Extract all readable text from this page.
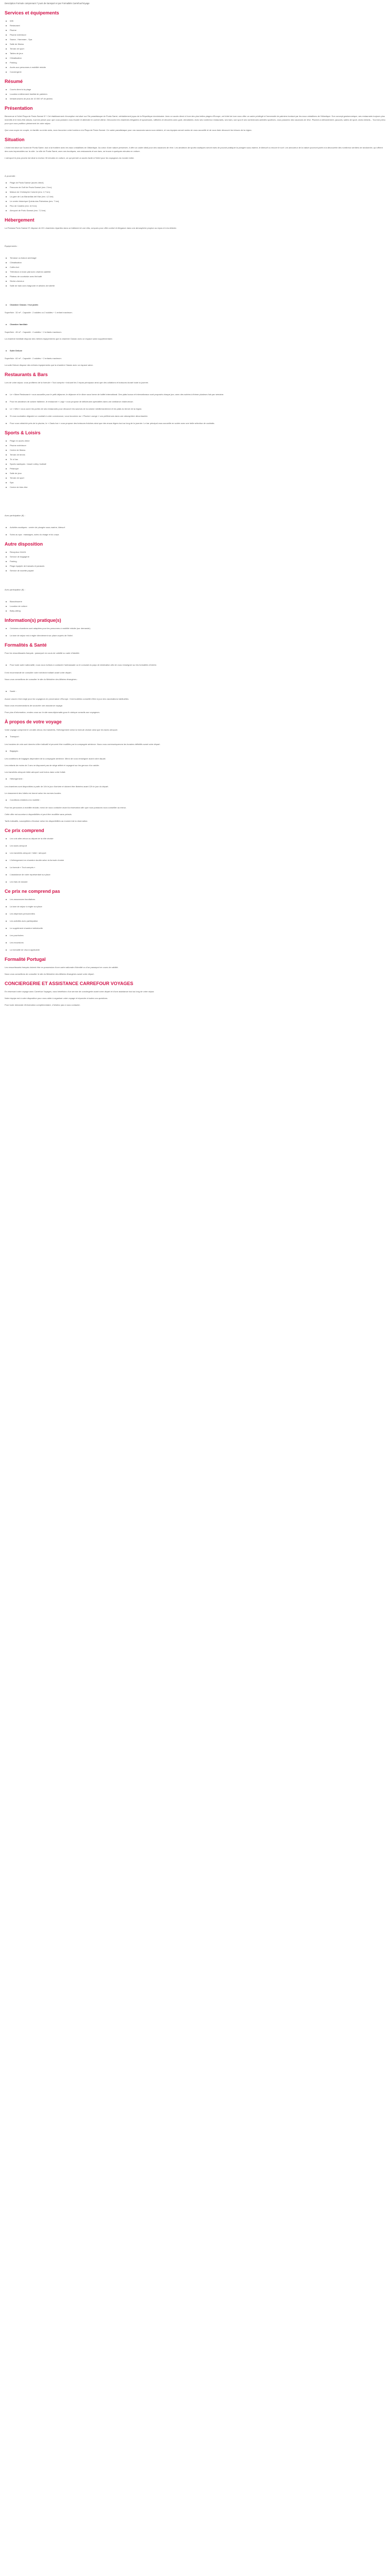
Description Formule comprenant 7 jours de transport et par Formalités Carrefour/Voyage
Services et équipements
Wifi
Restaurant
Piscine
Piscine extérieure
Sauna - Hammam - Spa
Salle de fitness
Terrain de sport
Tables de jeux
Climatisation
Parking
Accès aux personnes à mobilité réduite
Conciergerie
Résumé
Courts direct à la plage
Location entièrement familial de palmiers
Infrastructures de plus de 10 000 m² de jardins
Présentation

Bienvenue à l'hôtel Playa de Pavia Samsé 5* ! Cet établissement d'exception est situé sur l'île paradisiaque de Punta Samé, véritablement joyau de la République dominicaine. Avec un accès direct à l'une des plus belles plages d'Europe, cet hôtel de luxe vous offre un cadre privilégié à l'immensité de palmiers bordant par les eaux cristallines de l'Atlantique. Son concept gastronomique, ses restaurants toujours plus inventifs et le bien-être absolu, tout est pensé pour que vous puissiez vous évader et atteindre le confort ultime. Découvrez les chambres élégantes et spacieuses, raffinées et décorées avec goût, climatisées. Avec ses nombreux restaurants, ses bars, son spa et ses nombreuses activités sportives, vous passerez des vacances de rêve. Piscines à débordement, jacuzzis, salles de sport, clubs enfants... Tout est prévu pour que vous profitiez pleinement de votre séjour.

Que vous soyez en couple, en famille ou entre amis, vous trouverez votre bonheur à la Playa de Pavia Samsé. Ce cadre paradisiaque pour vos vacances saura vous séduire, et nos équipes seront ravies de vous accueillir et de vous faire découvrir les trésors de la région.

Situation

L'hôtel est situé sur l'ouest de Punta Samé, tout à la frontière avec les eaux cristallines de l'Atlantique. Au cœur d'une nature préservée, il offre un cadre idéal pour des vacances de rêve. Les amateurs de sports nautiques seront ravis de pouvoir pratiquer la plongée sous-marine, le kitesurf ou encore le surf. Les amoureux de la nature pourront partir à la découverte des nombreux sentiers de randonnée, qui offrent des vues imprenables sur la côte. La ville de Punta Samé, avec ses boutiques, ses restaurants et ses bars, se trouve à quelques minutes en voiture.

L'aéroport le plus proche est situé à environ 30 minutes en voiture, ce qui permet un accès facile à l'hôtel pour les voyageurs du monde entier.

À proximité :

Plage de Pavia Samsé (accès direct)
Parcours de Golf de Pavia Samsé (env. 2 km)
Maison de Christophe Colomb (env. 2,7 km)
La gare de Las Maravillas del Mar (env. 4,3 km)
Le centre historique Quinta das Palmeiras (env. 7 km)
Pico de Castelo (env. 6,9 km)
Aéroport de Porto Samsé (env. 7,3 km)
Hébergement

La Pestana Porto Samsé 5* dispose de 221 chambres réparties dans un bâtiment et une villa, conçues pour offrir confort et élégance dans une atmosphère propice au repos et à la détente.

Équipements :

Terrasse ou balcon aménagé
Climatisation
Coffre-fort
Télévision à écran plat avec chaînes satellite
Plateau de courtoisie avec thé/café
Sèche-cheveux
Salle de bain avec baignoire et articles de toilette
Chambre Classic / Vue jardin

Superficie : 32 m² - Capacité : 2 adultes ou 2 adultes + 1 enfant maximum.

Chambre familiale

Superficie : 45 m² - Capacité : 2 adultes + 2 enfants maximum.

La chambre familiale dispose des mêmes équipements que la chambre Classic avec un espace salon supplémentaire.

Suite Deluxe

Superficie : 62 m² - Capacité : 2 adultes + 2 enfants maximum.

La suite Deluxe dispose des mêmes équipements que la chambre Classic avec un espace salon.

Restaurants & Bars

Lors de votre séjour, vous profiterez de la formule « Tout compris » incluant les 3 repas principaux ainsi que des collations et boissons durant toute la journée.

Le « Mare Restaurant » vous accueille pour le petit-déjeuner, le déjeuner et le dîner sous forme de buffet international. Des plats locaux et internationaux sont proposés chaque jour, avec des soirées à thème plusieurs fois par semaine.
Pour les amateurs de cuisine italienne, le restaurant « Luigi » vous propose de délicieuses spécialités dans une ambiance chaleureuse.
Le « Wild » vous ouvre les portes de ses restaurants pour découvrir les saveurs de la cuisine méditerranéenne et les plats du terroir de la région.
Si vous souhaitez déguster un cocktail à votre convenance, vous trouverez au « Piscine Lounge » vos préférences dans une atmosphère décontractée.
Pour vous rafraîchir près de la piscine, le « Oasis bar » vous propose des boissons fraîches ainsi que des encas légers tout au long de la journée. Le bar principal vous accueille en soirée avec une belle sélection de cocktails.
Sports & Loisirs
Plage en accès direct
Piscine extérieure
Centre de fitness
Terrain de tennis
Tir à l'arc
Sports nautiques : beach volley, football
Pétanque
Salle de jeux
Terrain de sport
Spa
Centre de bien-être

Avec participation (€) :

Activités nautiques : centre de plongée sous-marine, kitesurf
Soins au spa : massages, soins du visage et du corps
Autre disposition
Réception 24h/24
Service de bagagerie
Parking
Plage équipée de transats et parasols
Service de navette payant

Avec participation (€) :

Blanchisserie
Location de voiture
Baby-sitting
Information(s) pratique(s)
Certaines chambres sont adaptées pour les personnes à mobilité réduite (sur demande).
La taxe de séjour est à régler directement sur place auprès de l'hôtel.
Formalités & Santé

Pour les ressortissants français : passeport en cours de validité ou carte d'identité.

Pour toute autre nationalité, nous vous invitons à contacter l'ambassade ou le consulat du pays de destination afin de vous renseigner sur les formalités d'entrée.

Il est recommandé de consulter votre médecin traitant avant votre départ.

Nous vous conseillons de consulter le site du Ministère des Affaires étrangères :

Santé :

Aucun vaccin n'est exigé pour les voyageurs en provenance d'Europe. Il est toutefois conseillé d'être à jour des vaccinations habituelles.

Nous vous recommandons de souscrire une assurance voyage.

Pour plus d'information, rendez-vous sur le site www.diplomatie.gouv.fr rubrique conseils aux voyageurs.

À propos de votre voyage

Votre voyage comprend le vol aller-retour, les transferts, l'hébergement selon la formule choisie ainsi que les taxes aéroport.

Transport :

Les horaires de vols sont donnés à titre indicatif et peuvent être modifiés par la compagnie aérienne. Nous vous communiquerons les horaires définitifs avant votre départ.

Bagages :

Les conditions de bagages dépendent de la compagnie aérienne. Merci de vous renseigner avant votre départ.

Les enfants de moins de 2 ans ne disposent pas de siège attitré et voyagent sur les genoux d'un adulte.

Les transferts aéroport-hôtel-aéroport sont inclus dans votre forfait.

Hébergement :

Les chambres sont disponibles à partir de 14h le jour d'arrivée et doivent être libérées avant 12h le jour du départ.

Le classement des hôtels est donné selon les normes locales.

Conditions relatives à la mobilité :

Pour les personnes à mobilité réduite, merci de nous contacter avant la réservation afin que nous puissions vous conseiller au mieux.

Cette offre est soumise à disponibilités et peut être modifiée sans préavis.

Tarifs indicatifs, susceptibles d'évoluer selon les disponibilités au moment de la réservation.

Ce prix comprend
Les vols aller-retour au départ de la ville choisie
Les taxes aéroport
Les transferts aéroport / hôtel / aéroport
L'hébergement en chambre double selon la formule choisie
La formule « Tout compris »
L'assistance de notre représentant sur place
Les frais de dossier
Ce prix ne comprend pas
Les assurances facultatives
La taxe de séjour à régler sur place
Les dépenses personnelles
Les activités avec participation
Le supplément chambre individuelle
Les pourboires
Les excursions
La formalité de visa si applicable
Formalité Portugal

Les ressortissants français doivent être en possession d'une carte nationale d'identité ou d'un passeport en cours de validité.

Nous vous conseillons de consulter le site du Ministère des Affaires étrangères avant votre départ.

CONCIERGERIE ET ASSISTANCE CARREFOUR VOYAGES

En réservant votre voyage avec Carrefour Voyages, vous bénéficiez d'un service de conciergerie avant votre départ et d'une assistance tout au long de votre séjour.

Notre équipe est à votre disposition pour vous aider à organiser votre voyage et répondre à toutes vos questions.

Pour toute demande d'information complémentaire, n'hésitez pas à nous contacter.
